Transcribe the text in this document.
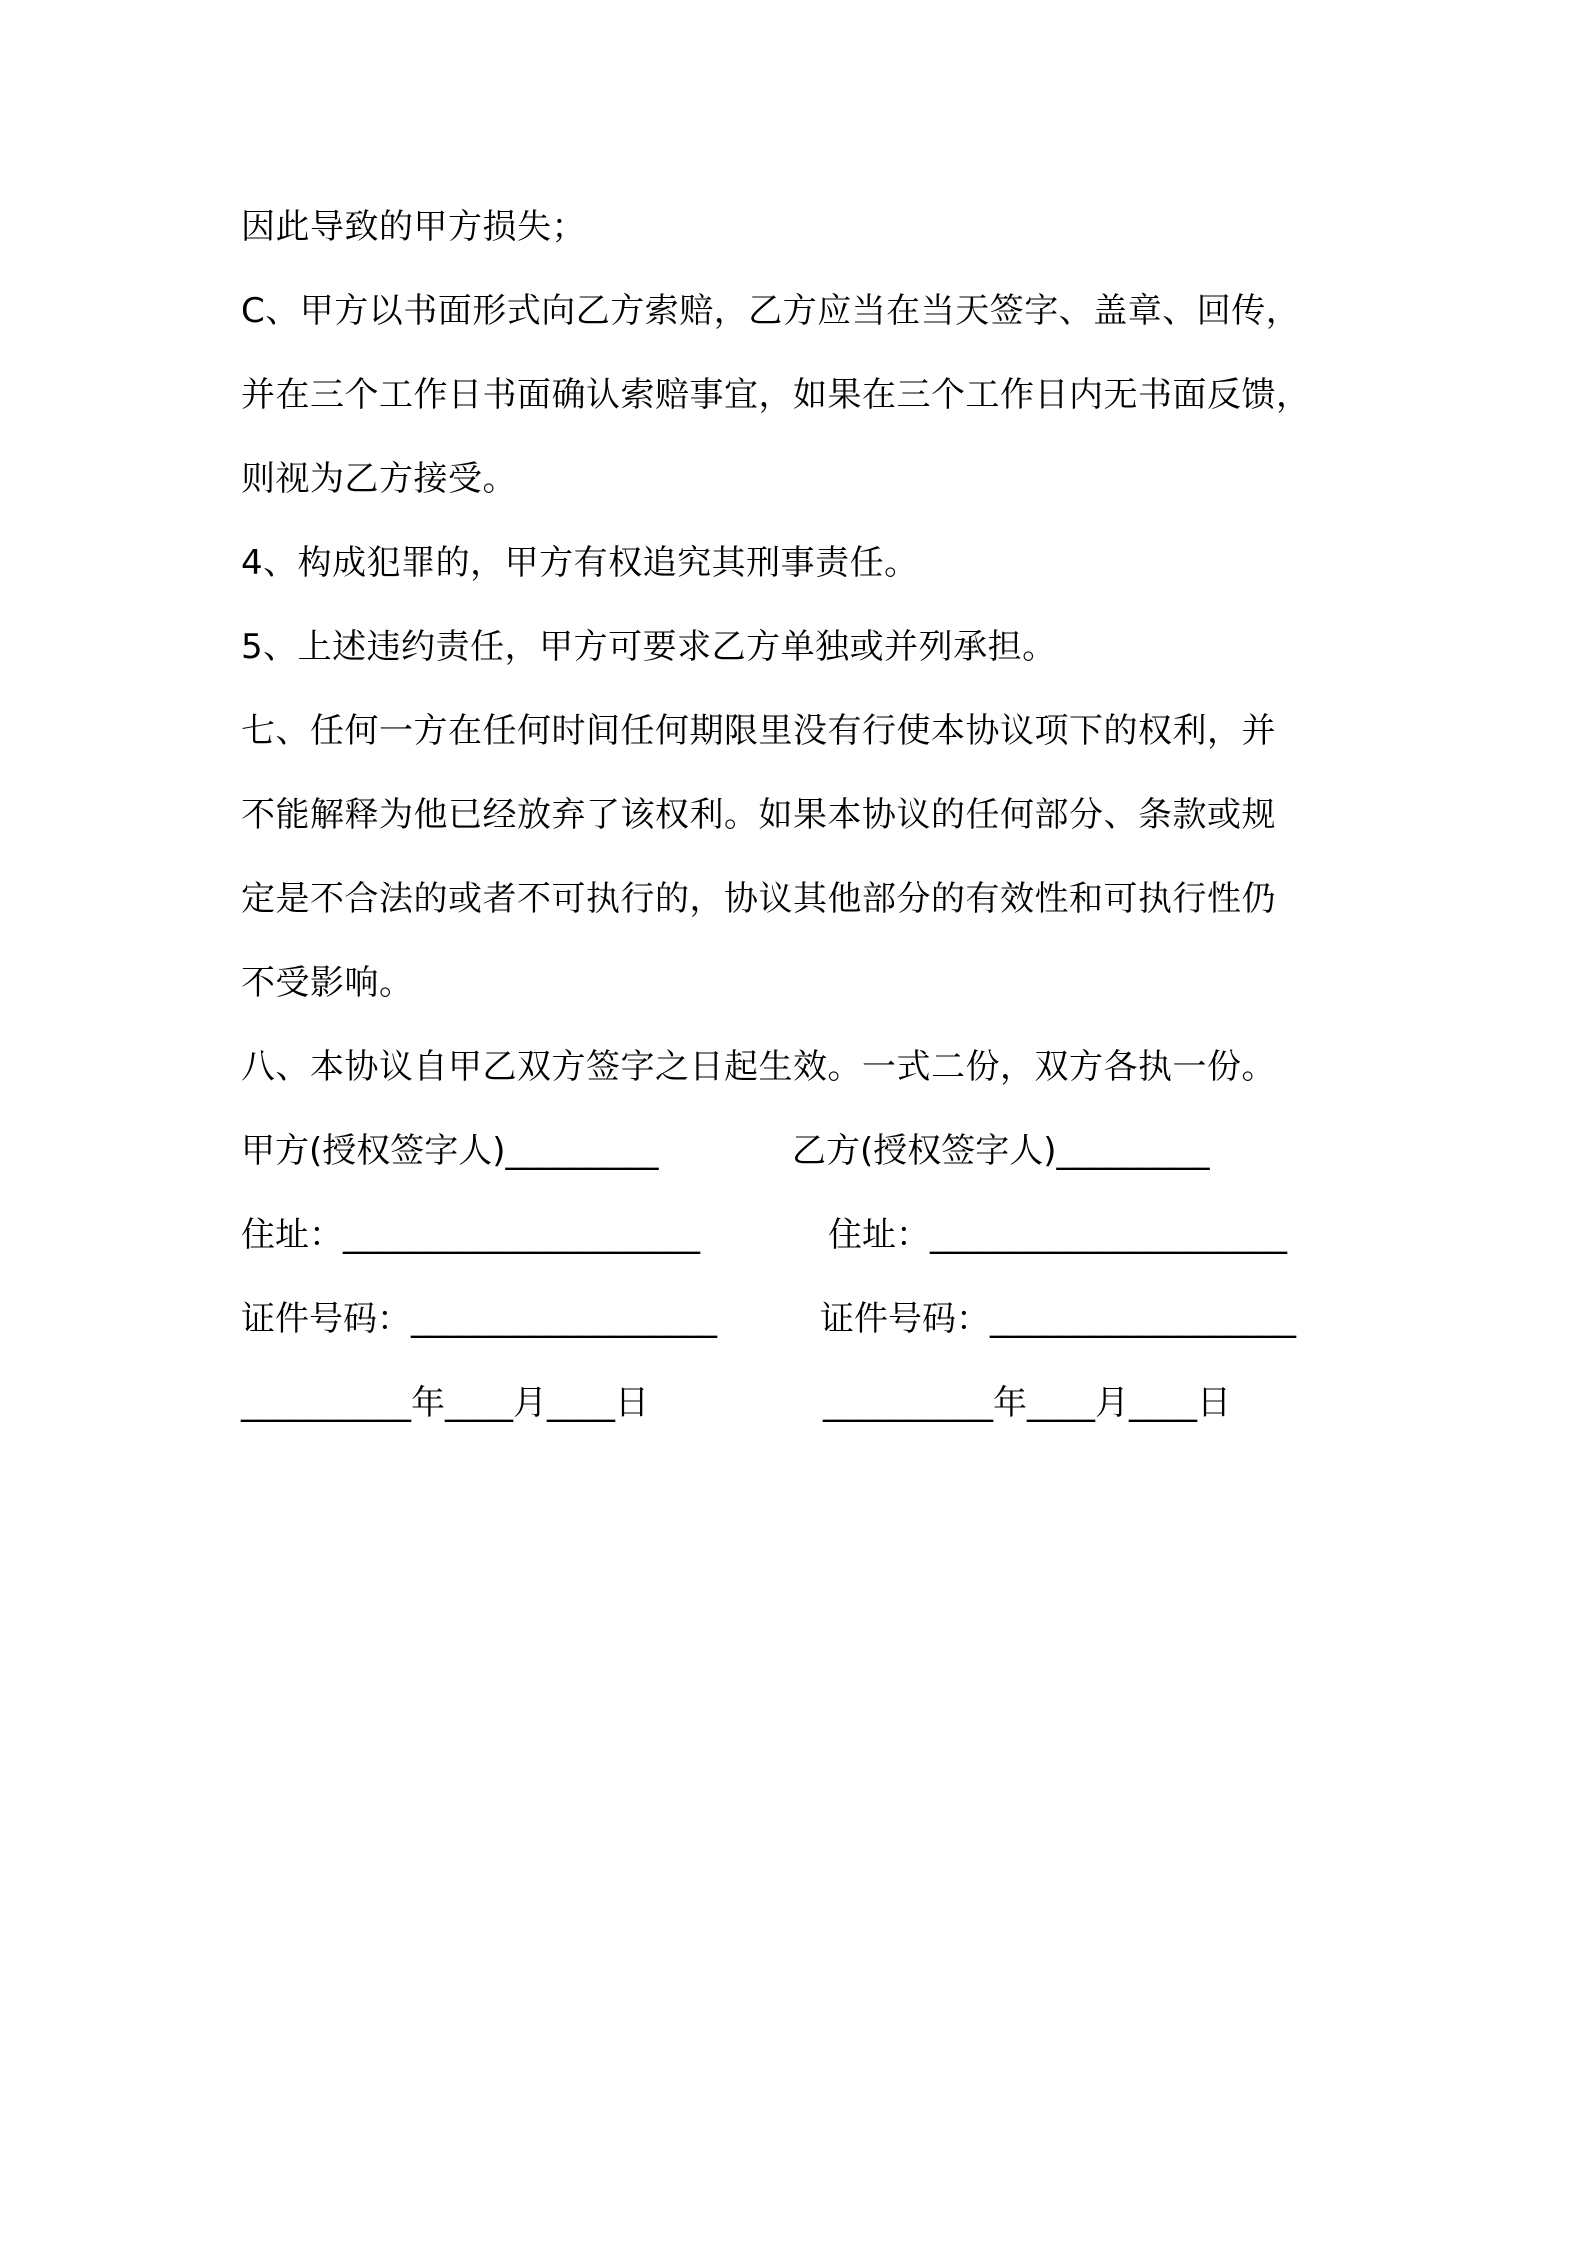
因此导致的甲方损失；
C、甲方以书面形式向乙方索赔，乙方应当在当天签字、盖章、回传，
并在三个工作日书面确认索赔事宜，如果在三个工作日内无书面反馈，
则视为乙方接受。
4、构成犯罪的，甲方有权追究其刑事责任。
5、上述违约责任，甲方可要求乙方单独或并列承担。
七、任何一方在任何时间任何期限里没有行使本协议项下的权利，并
不能解释为他已经放弃了该权利。如果本协议的任何部分、条款或规
定是不合法的或者不可执行的，协议其他部分的有效性和可执行性仍
不受影响。
八、本协议自甲乙双方签字之日起生效。一式二份，双方各执一份。
甲方(授权签字人)_________	乙方(授权签字人)_________
住址：_____________________	住址：_____________________
证件号码：__________________	证件号码：__________________
__________年____月____日	__________年____月____日
